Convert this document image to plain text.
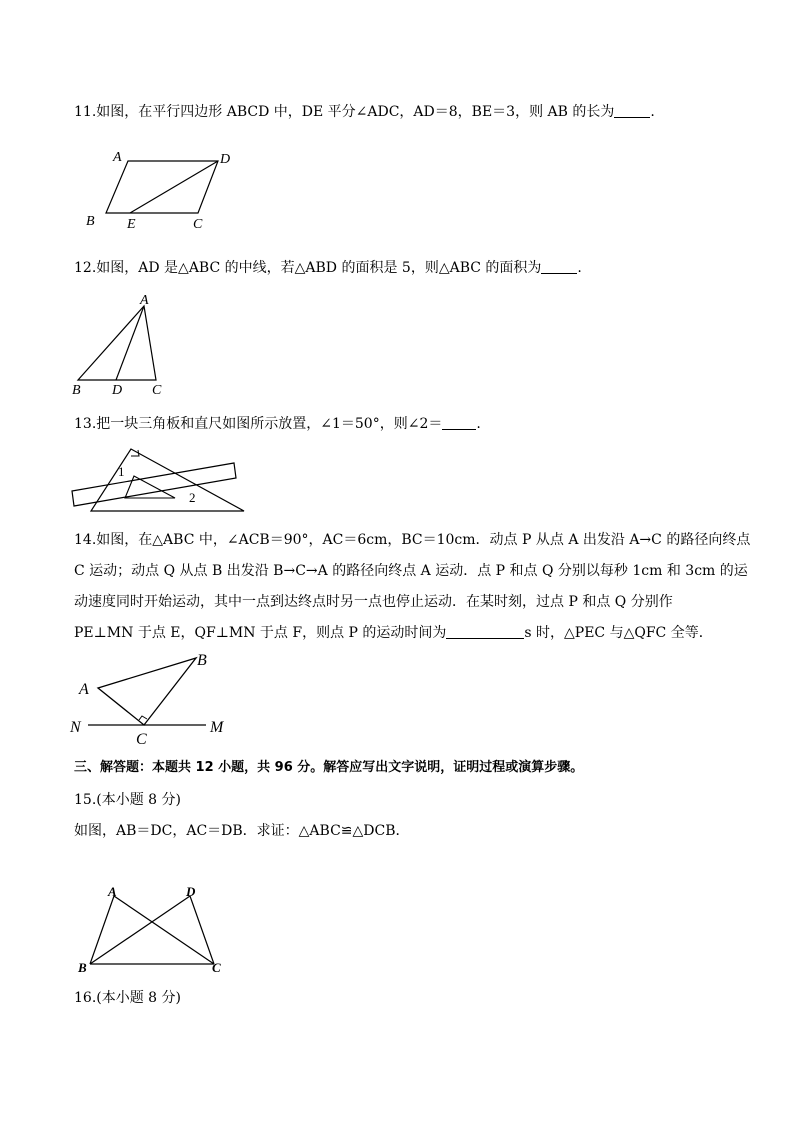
11.如图，在平行四边形 ABCD 中，DE 平分∠ADC，AD＝8，BE＝3，则 AB 的长为	.
A	D
B E	C
12.如图，AD 是△ABC 的中线，若△ABD 的面积是 5，则△ABC 的面积为	.
A
B D C
13.把一块三角板和直尺如图所示放置，∠1＝50°，则∠2＝ .
1
2
14.如图，在△ABC 中，∠ACB＝90°，AC＝6cm，BC＝10cm．动点 P 从点 A 出发沿 A→C 的路径向终点
C 运动；动点 Q 从点 B 出发沿 B→C→A 的路径向终点 A 运动．点 P 和点 Q 分别以每秒 1cm 和 3cm 的运
动速度同时开始运动，其中一点到达终点时另一点也停止运动．在某时刻，过点 P 和点 Q 分别作
PE⊥MN 于点 E，QF⊥MN 于点 F，则点 P 的运动时间为	s 时，△PEC 与△QFC 全等．
A
B
C
N	M
三、解答题：本题共 12 小题，共 96 分。解答应写出文字说明，证明过程或演算步骤。
15.(本小题 8 分)
如图，AB＝DC，AC＝DB．求证：△ABC≌△DCB．
A	D
B	C
16.(本小题 8 分)
